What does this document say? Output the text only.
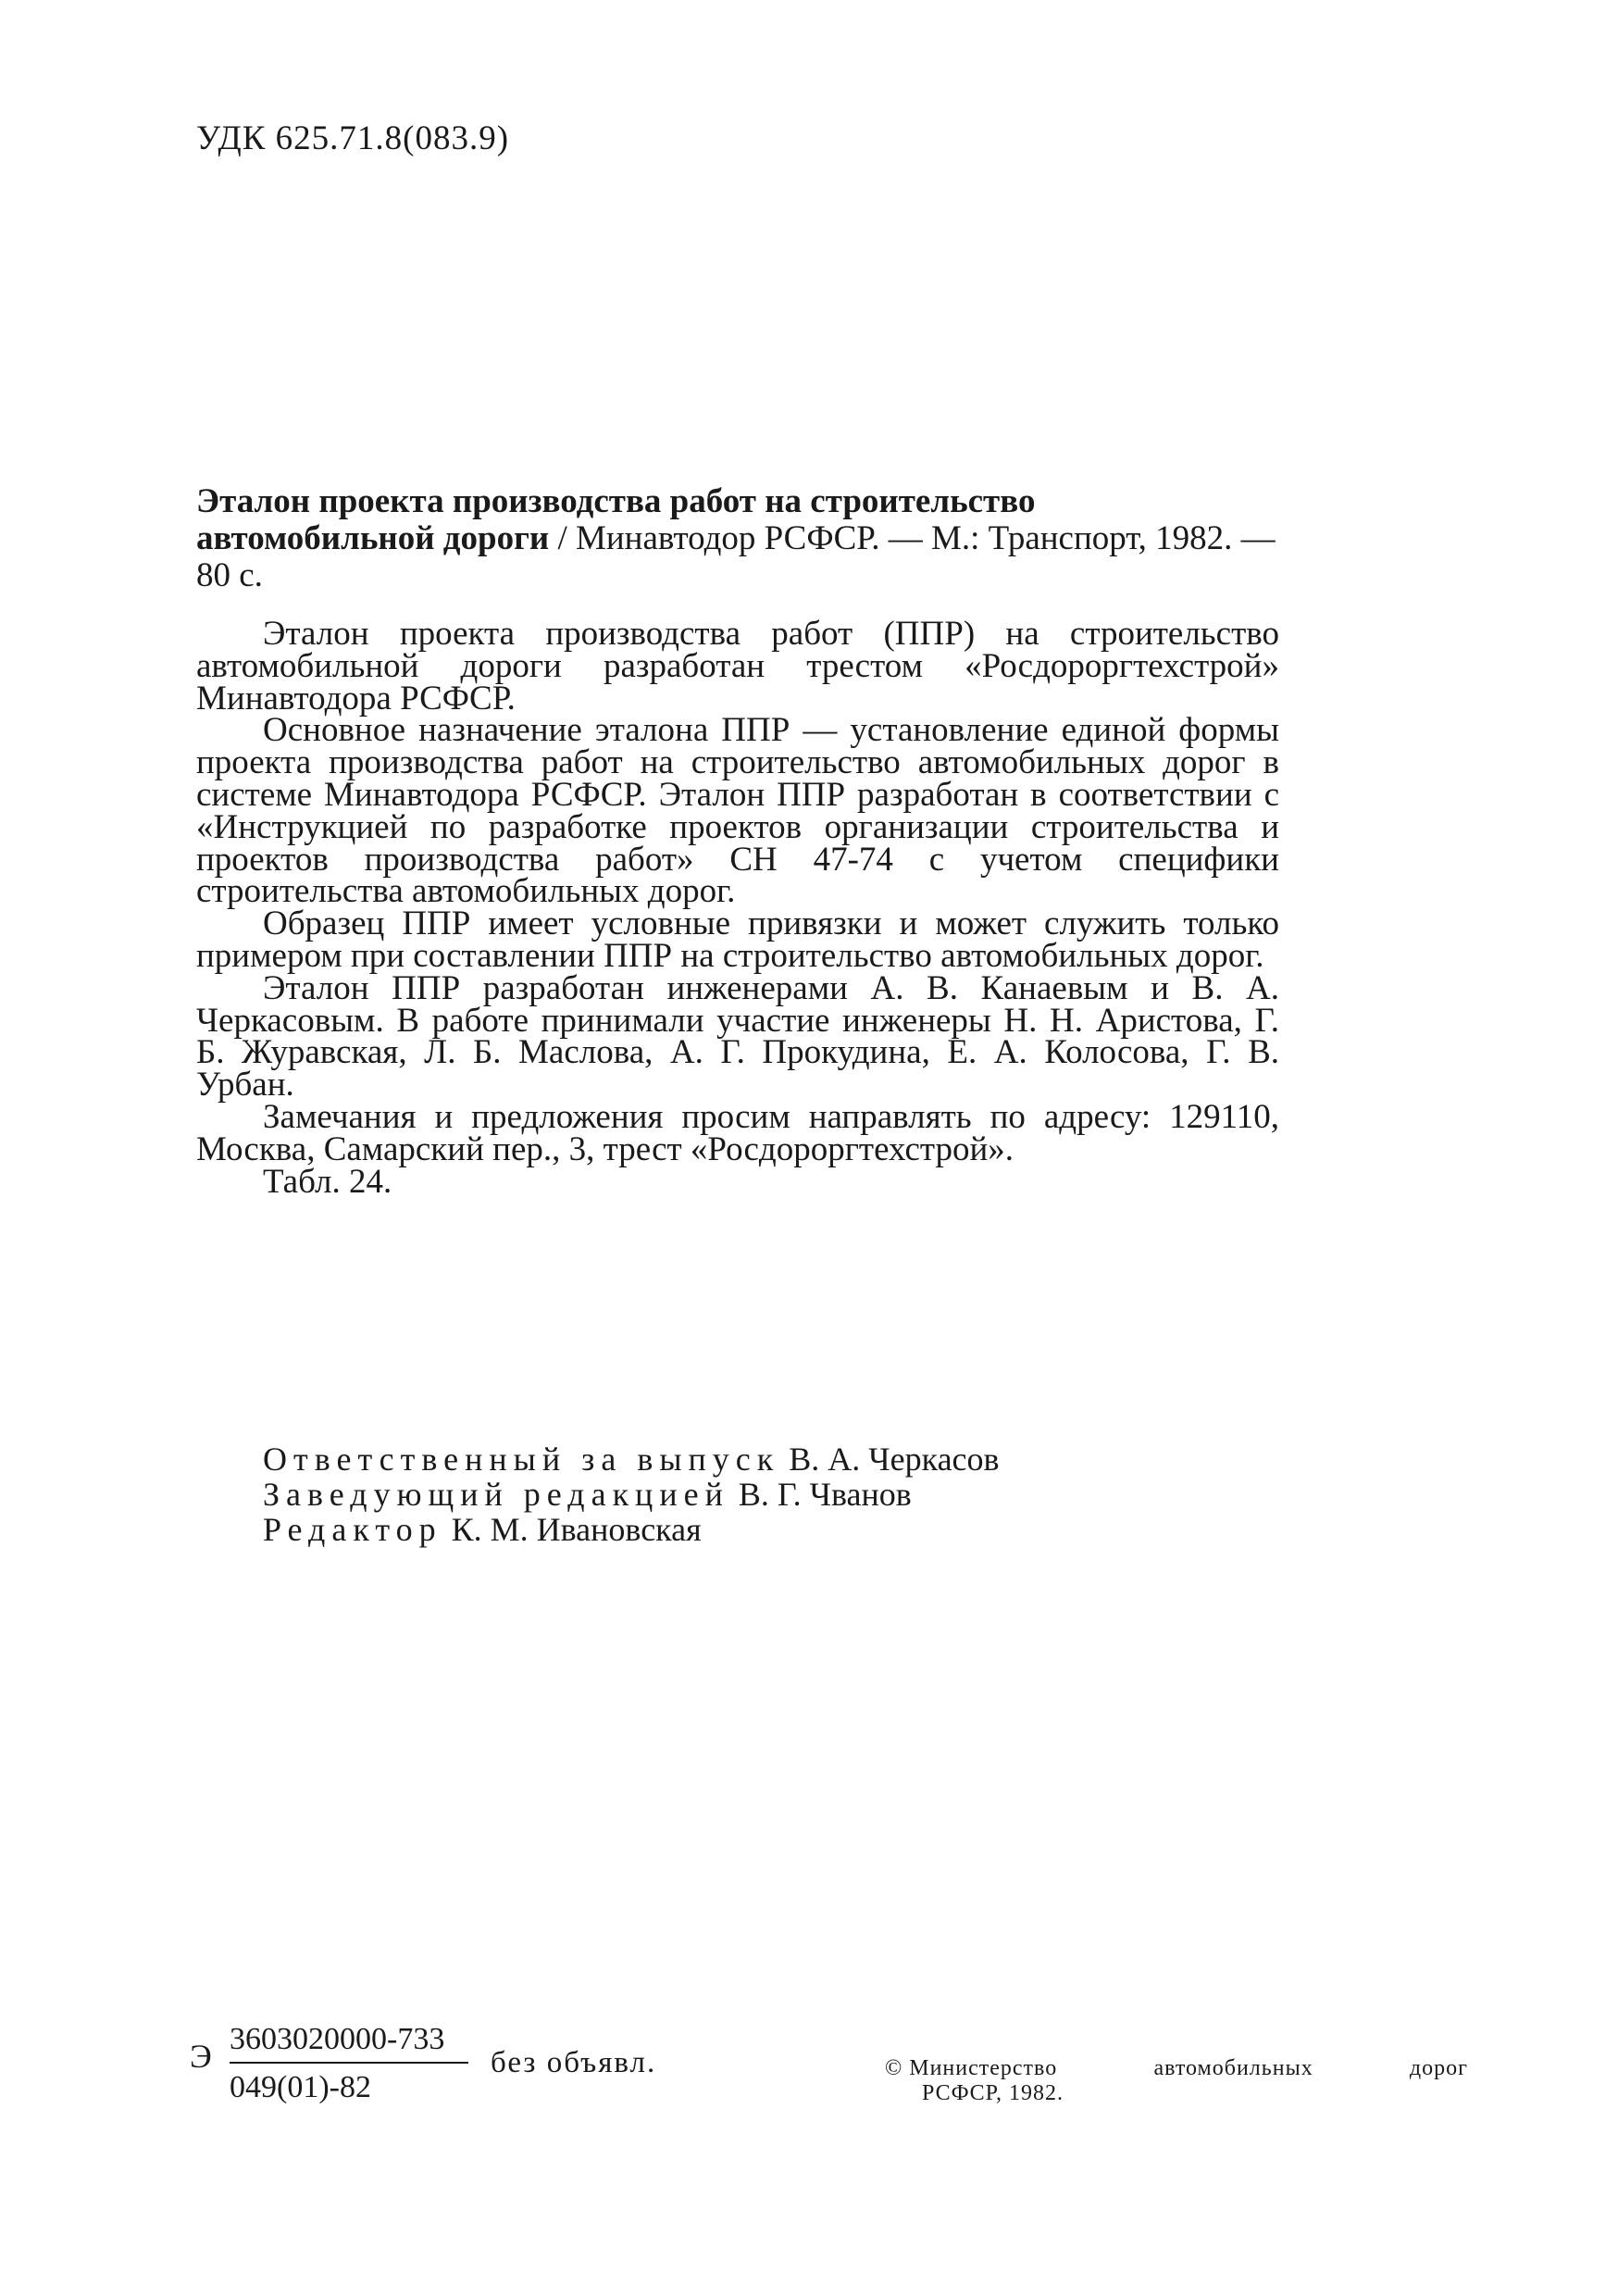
УДК 625.71.8(083.9)
Эталон проекта производства работ на строительство автомобильной дороги / Минавтодор РСФСР. — М.: Транспорт, 1982. — 80 с.

Эталон проекта производства работ (ППР) на строительство автомобильной дороги разработан трестом «Росдороргтехстрой» Минавтодора РСФСР.

Основное назначение эталона ППР — установление единой формы проекта производства работ на строительство автомобильных дорог в системе Минавтодора РСФСР. Эталон ППР разработан в соответствии с «Инструкцией по разработке проектов организации строительства и проектов производства работ» СН 47-74 с учетом специфики строительства автомобильных дорог.

Образец ППР имеет условные привязки и может служить только примером при составлении ППР на строительство автомобильных дорог.

Эталон ППР разработан инженерами А. В. Канаевым и В. А. Черкасовым. В работе принимали участие инженеры Н. Н. Аристова, Г. Б. Журавская, Л. Б. Маслова, А. Г. Прокудина, Е. А. Колосова, Г. В. Урбан.

Замечания и предложения просим направлять по адресу: 129110, Москва, Самарский пер., 3, трест «Росдороргтехстрой».

Табл. 24.

Ответственный за выпуск В. А. Черкасов
Заведующий редакцией В. Г. Чванов
Редактор К. М. Ивановская
Э $\frac{3603020000-733}{049(01)-82}$ без объявл.	© Министерство	автомобильных	дорог
РСФСР, 1982.
